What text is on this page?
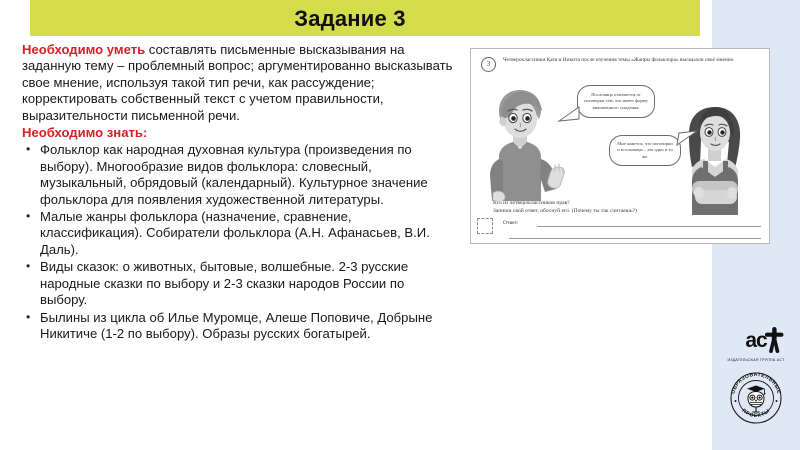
Задание 3

Необходимо уметь составлять письменные высказывания на заданную тему – проблемный вопрос; аргументированно высказывать свое мнение, используя такой тип речи, как рассуждение; корректировать собственный текст с учетом правильности, выразительности письменной речи.

Необходимо знать:
• Фольклор как народная духовная культура (произведения по выбору). Многообразие видов фольклора: словесный, музыкальный, обрядовый (календарный). Культурное значение фольклора для появления художественной литературы.
• Малые жанры фольклора (назначение, сравнение, классификация). Собиратели фольклора (А.Н. Афанасьев, В.И. Даль).
• Виды сказок: о животных, бытовые, волшебные. 2-3 русские народные сказки по выбору и 2-3 сказки народов России по выбору.
• Былины из цикла об Илье Муромце, Алеше Поповиче, Добрыне Никитиче (1-2 по выбору). Образы русских богатырей.
3	Четвероклассники Катя и Никита после изучения темы «Жанры фольклора» высказали своё мнение.
Пословица отличается от поговорки тем, что имеет форму законченного суждения.
Мне кажется, что поговорки и пословицы – это одно и то же.
Кто из четвероклассников прав?
Запиши свой ответ, обоснуй его. (Почему ты так считаешь?)
Ответ:
ас
ИЗДАТЕЛЬСКАЯ ГРУППА АСТ
ОБРАЗОВАТЕЛЬНЫЕ
ПРОЕКТЫ
